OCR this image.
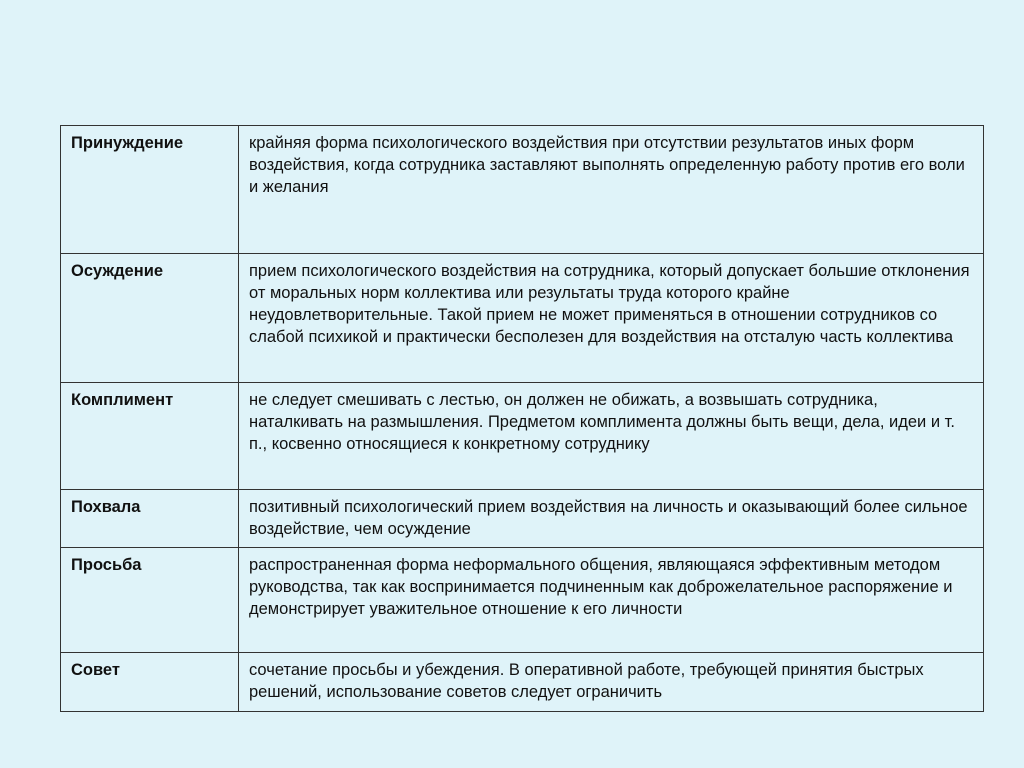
Принуждение	крайняя форма психологического воздействия при отсутствии результатов иных форм воздействия, когда сотрудника заставляют выполнять определенную работу против его воли и желания
Осуждение	прием психологического воздействия на сотрудника, который допускает большие отклонения от моральных норм коллектива или результаты труда которого крайне неудовлетворительные. Такой прием не может применяться в отношении сотрудников со слабой психикой и практически бесполезен для воздействия на отсталую часть коллектива
Комплимент	не следует смешивать с лестью, он должен не обижать, а возвышать сотрудника, наталкивать на размышления. Предметом комплимента должны быть вещи, дела, идеи и т. п., косвенно относящиеся к конкретному сотруднику
Похвала	позитивный психологический прием воздействия на личность и оказывающий более сильное воздействие, чем осуждение
Просьба	распространенная форма неформального общения, являющаяся эффективным методом руководства, так как воспринимается подчиненным как доброжелательное распоряжение и демонстрирует уважительное отношение к его личности
Совет	сочетание просьбы и убеждения. В оперативной работе, требующей принятия быстрых решений, использование советов следует ограничить
